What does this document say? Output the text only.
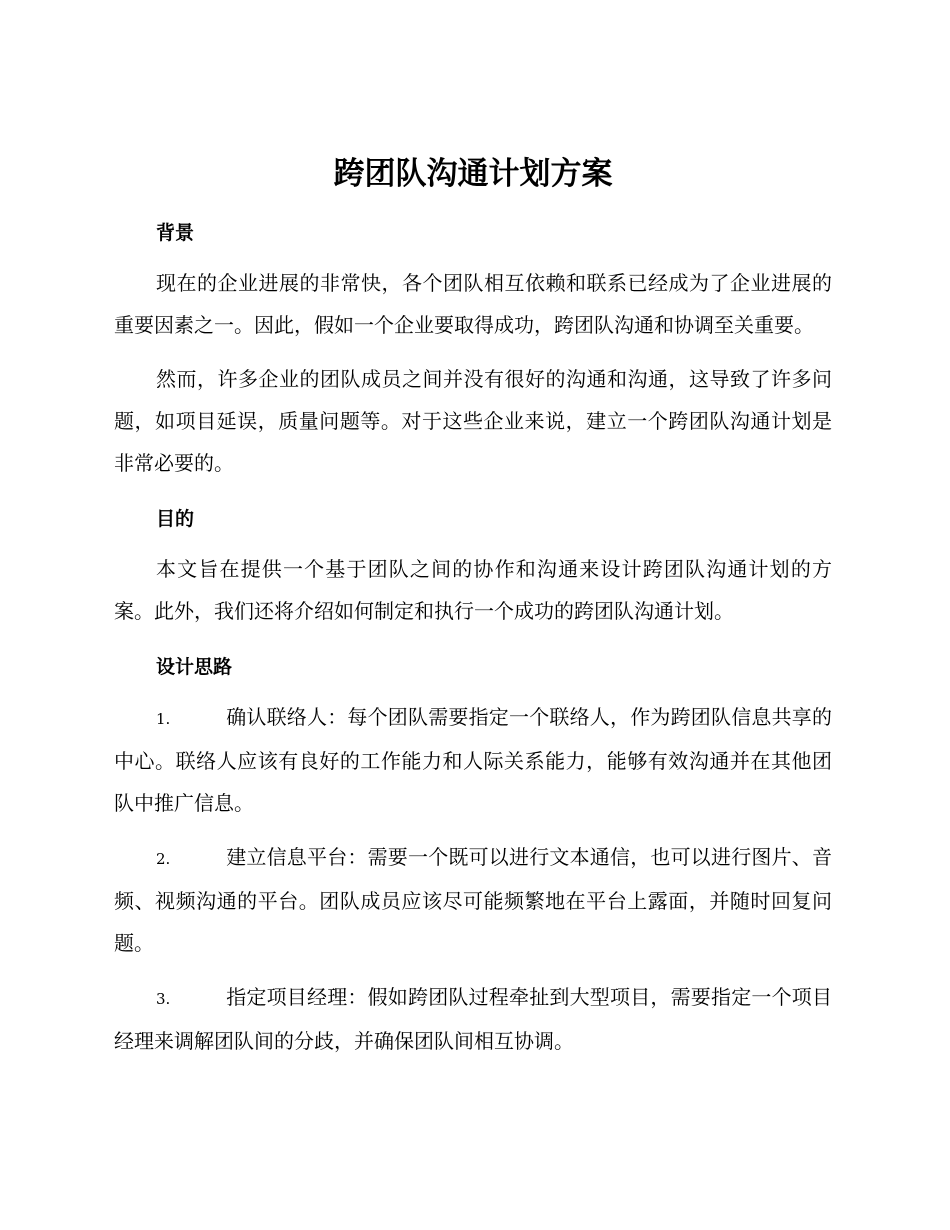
跨团队沟通计划方案
背景

现在的企业进展的非常快，各个团队相互依赖和联系已经成为了企业进展的重要因素之一。因此，假如一个企业要取得成功，跨团队沟通和协调至关重要。

然而，许多企业的团队成员之间并没有很好的沟通和沟通，这导致了许多问题，如项目延误，质量问题等。对于这些企业来说，建立一个跨团队沟通计划是非常必要的。

目的

本文旨在提供一个基于团队之间的协作和沟通来设计跨团队沟通计划的方案。此外，我们还将介绍如何制定和执行一个成功的跨团队沟通计划。

设计思路

1.	确认联络人：每个团队需要指定一个联络人，作为跨团队信息共享的中心。联络人应该有良好的工作能力和人际关系能力，能够有效沟通并在其他团队中推广信息。

2.	建立信息平台：需要一个既可以进行文本通信，也可以进行图片、音频、视频沟通的平台。团队成员应该尽可能频繁地在平台上露面，并随时回复问题。

3.	指定项目经理：假如跨团队过程牵扯到大型项目，需要指定一个项目经理来调解团队间的分歧，并确保团队间相互协调。
